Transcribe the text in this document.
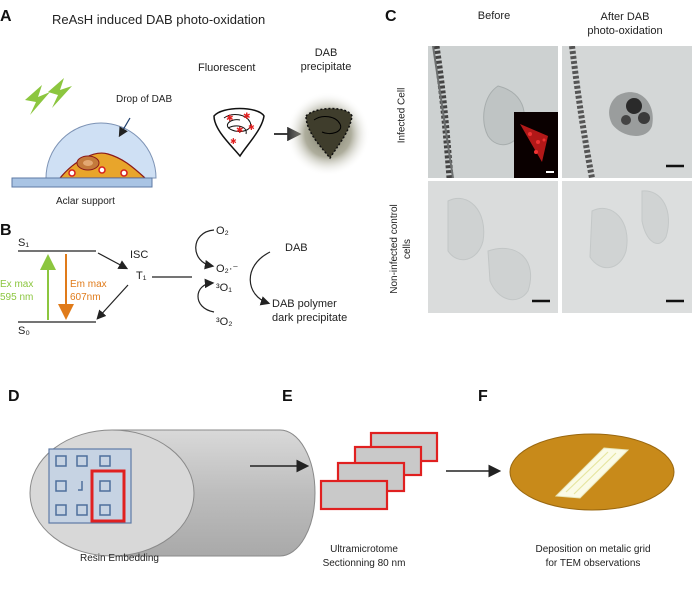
A	ReAsH induced DAB photo-oxidation
✱ ✱
✱ ✱
✱
Drop of DAB
Aclar support
Fluorescent
DAB
precipitate
B
S₁
S₀
ISC
T₁
Ex max
595 nm
Em max
607nm
O₂
O₂·⁻
³O₁
³O₂
DAB
DAB polymer
dark precipitate
C	Before	After DAB
photo-oxidation
Infected Cell
Non-infected control cells
D
Resin Embedding
E
Ultramicrotome
Sectionning 80 nm
F
Deposition on metalic grid
for TEM observations
